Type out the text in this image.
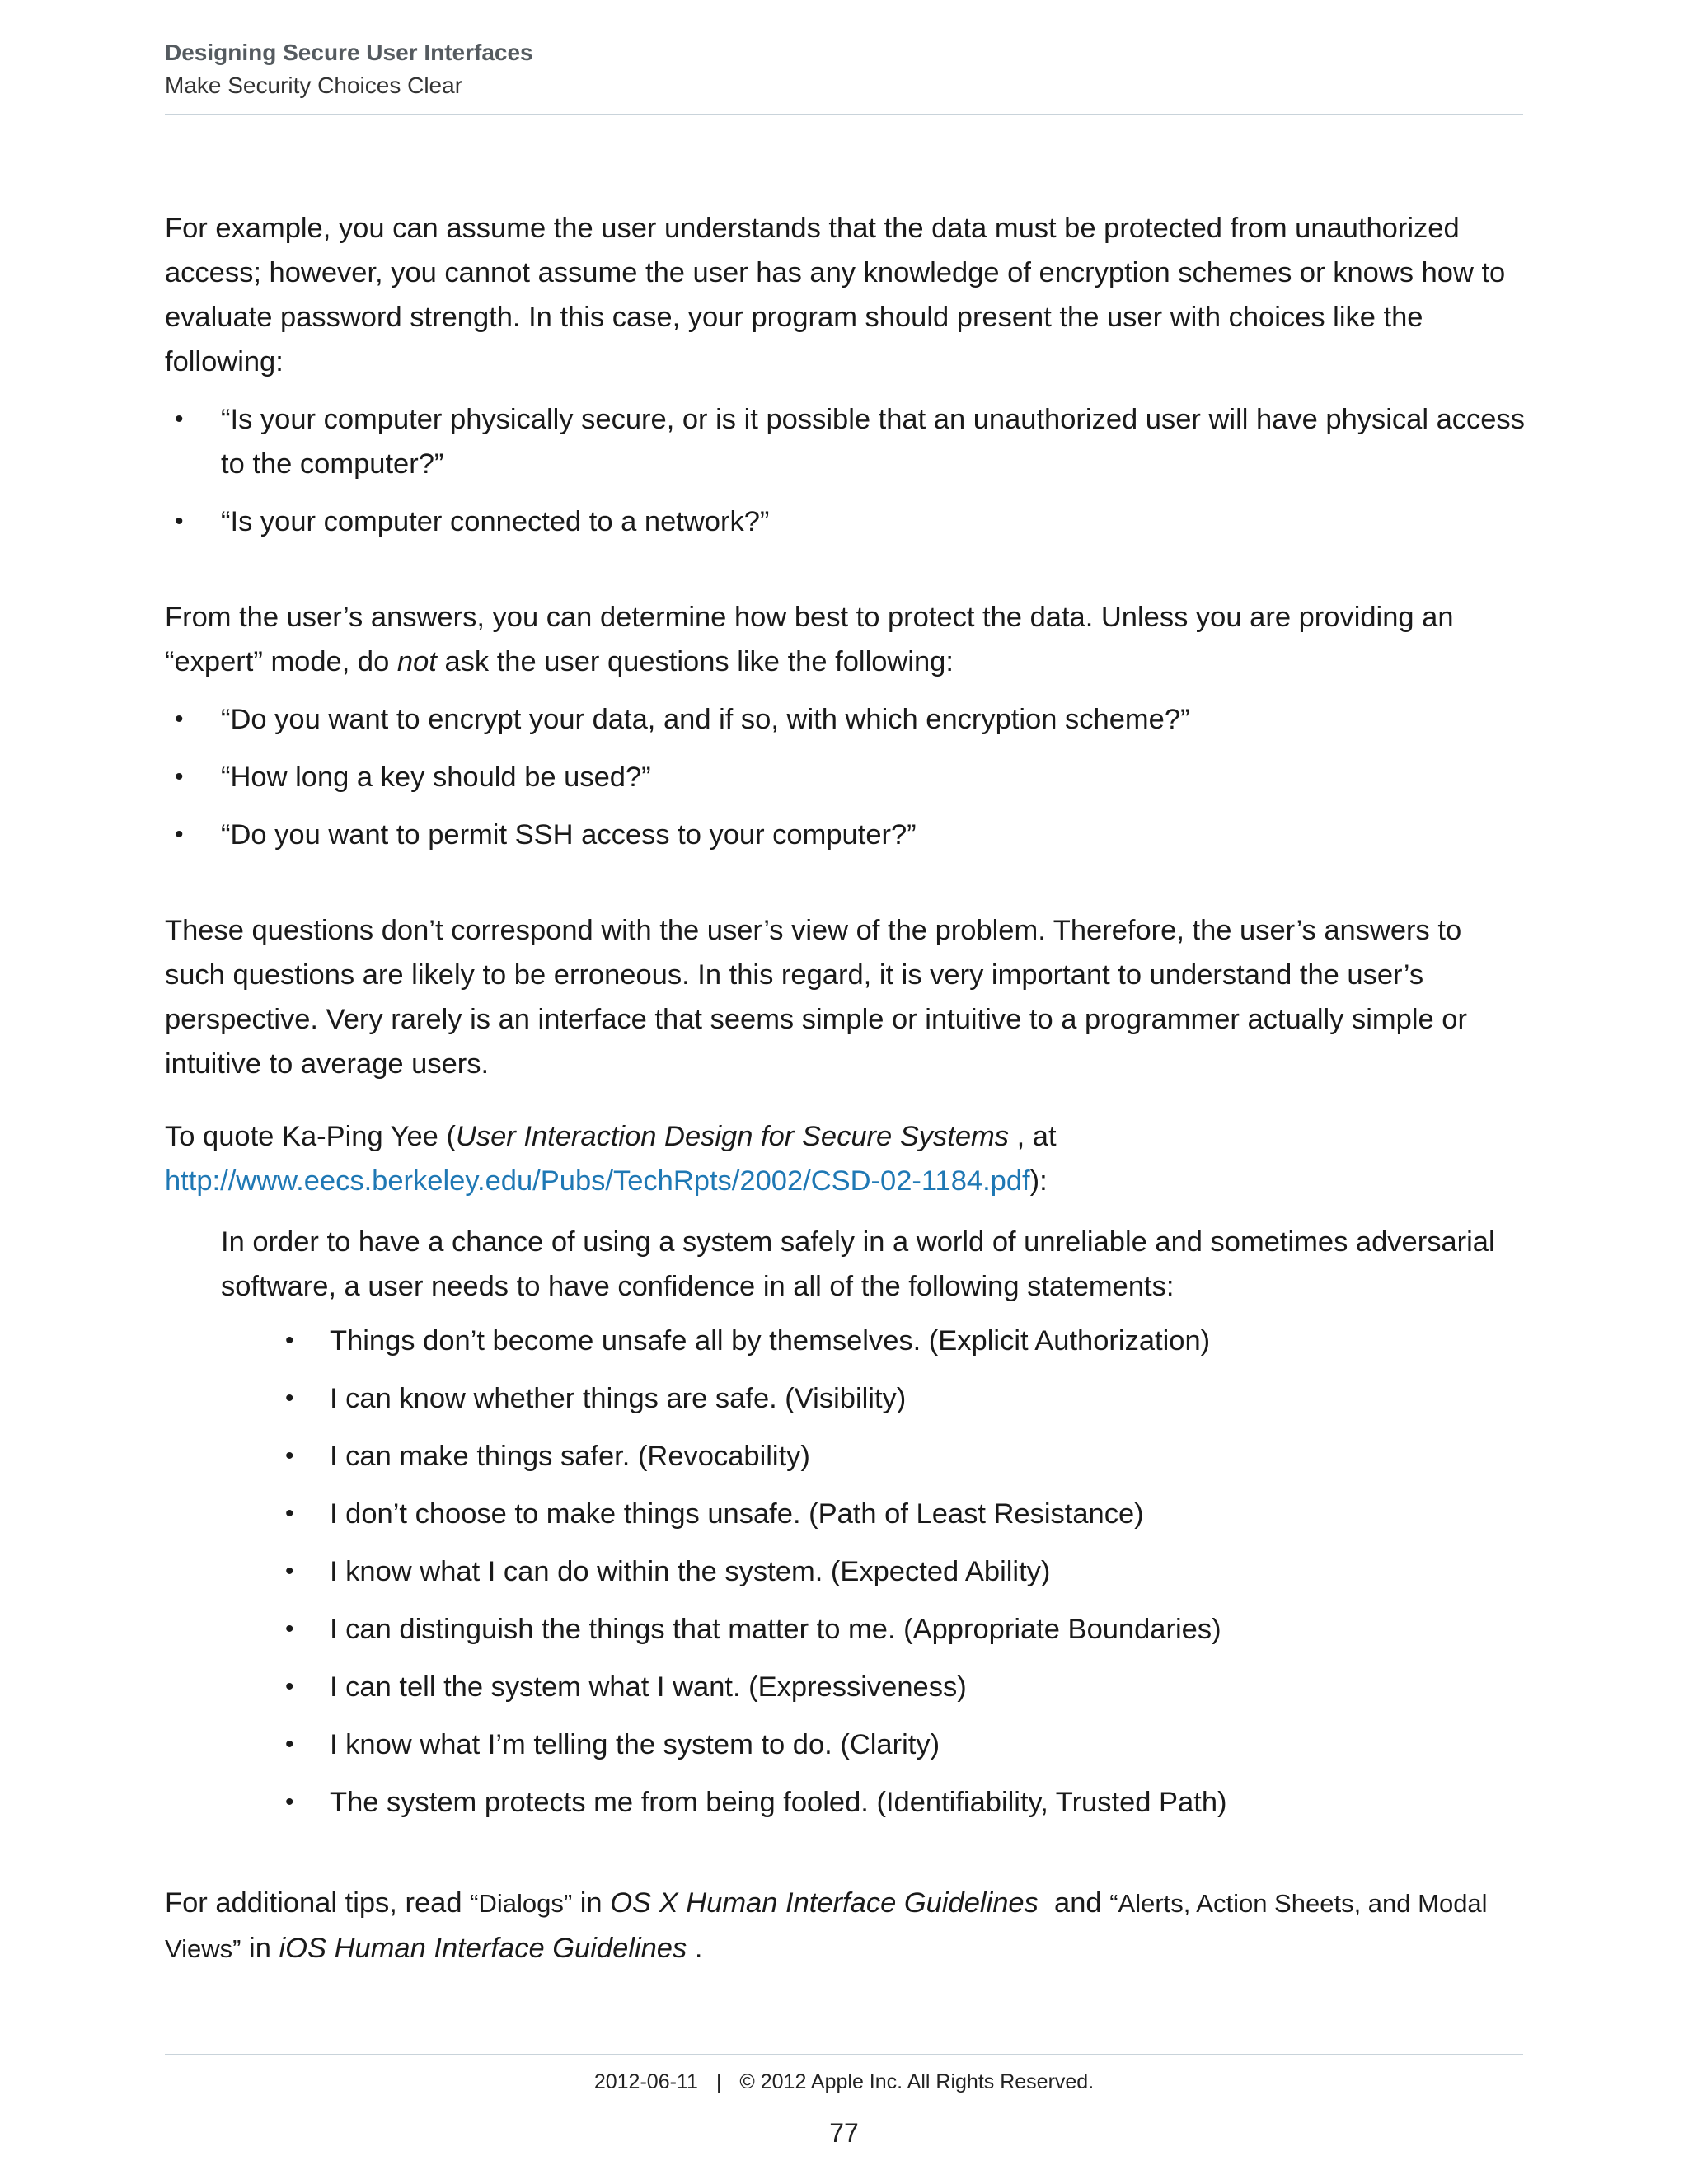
Designing Secure User Interfaces
Make Security Choices Clear

For example, you can assume the user understands that the data must be protected from unauthorized access; however, you cannot assume the user has any knowledge of encryption schemes or knows how to evaluate password strength. In this case, your program should present the user with choices like the following:

• “Is your computer physically secure, or is it possible that an unauthorized user will have physical access to the computer?”
• “Is your computer connected to a network?”

From the user’s answers, you can determine how best to protect the data. Unless you are providing an “expert” mode, do not ask the user questions like the following:

• “Do you want to encrypt your data, and if so, with which encryption scheme?”
• “How long a key should be used?”
• “Do you want to permit SSH access to your computer?”

These questions don’t correspond with the user’s view of the problem. Therefore, the user’s answers to such questions are likely to be erroneous. In this regard, it is very important to understand the user’s perspective. Very rarely is an interface that seems simple or intuitive to a programmer actually simple or intuitive to average users.

To quote Ka-Ping Yee (User Interaction Design for Secure Systems , at http://www.eecs.berkeley.edu/Pubs/TechRpts/2002/CSD-02-1184.pdf):

In order to have a chance of using a system safely in a world of unreliable and sometimes adversarial software, a user needs to have confidence in all of the following statements:

• Things don’t become unsafe all by themselves. (Explicit Authorization)
• I can know whether things are safe. (Visibility)
• I can make things safer. (Revocability)
• I don’t choose to make things unsafe. (Path of Least Resistance)
• I know what I can do within the system. (Expected Ability)
• I can distinguish the things that matter to me. (Appropriate Boundaries)
• I can tell the system what I want. (Expressiveness)
• I know what I’m telling the system to do. (Clarity)
• The system protects me from being fooled. (Identifiability, Trusted Path)

For additional tips, read “Dialogs” in OS X Human Interface Guidelines  and “Alerts, Action Sheets, and Modal Views” in iOS Human Interface Guidelines .

2012-06-11 | © 2012 Apple Inc. All Rights Reserved.
77
